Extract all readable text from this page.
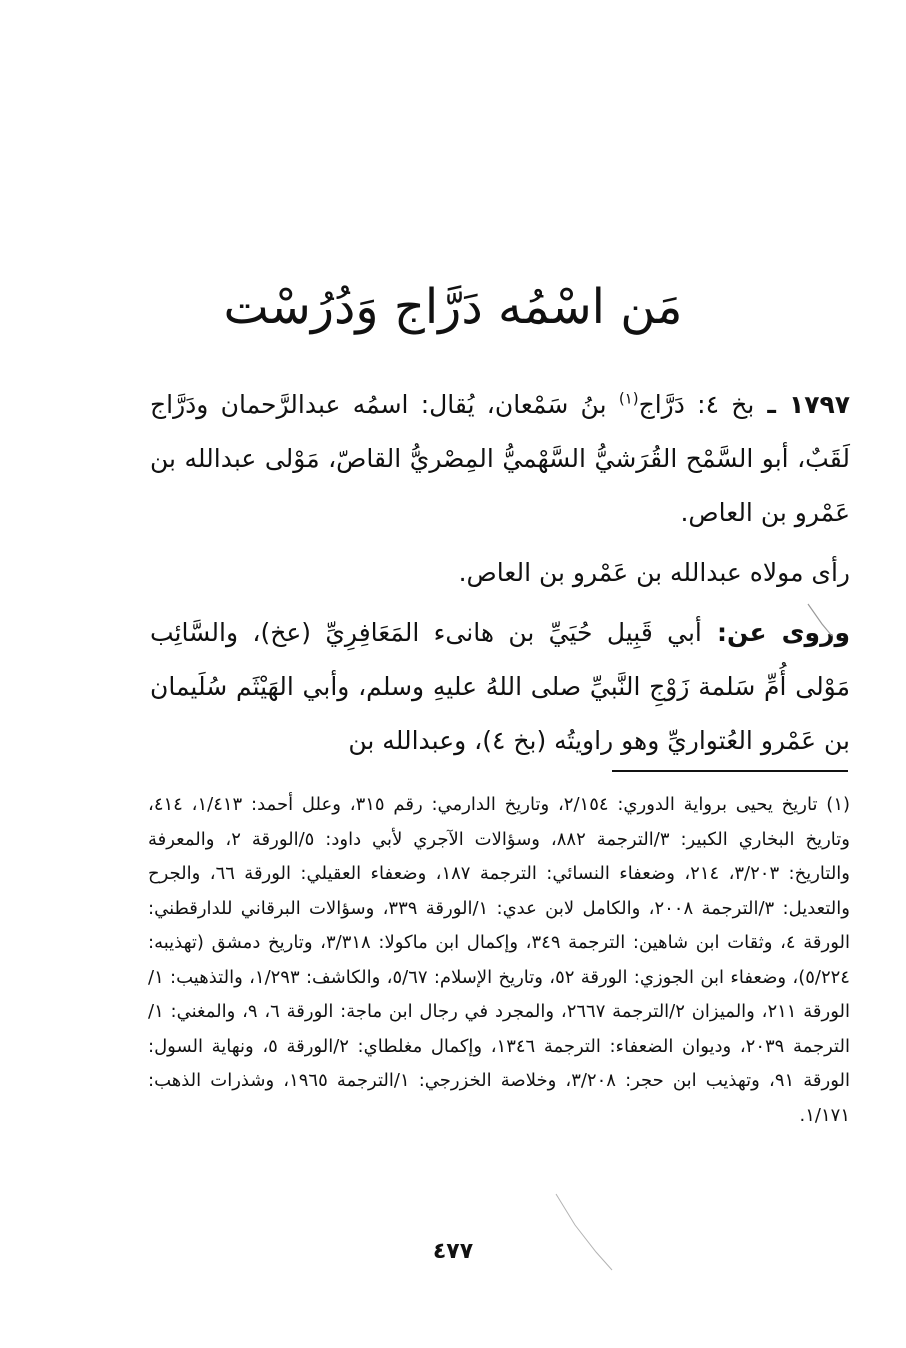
مَن اسْمُه دَرَّاج وَدُرُسْت

١٧٩٧ ـ بخ ٤: دَرَّاج$^{(١)}$ بنُ سَمْعان، يُقال: اسمُه عبدالرَّحمان ودَرَّاج لَقَبٌ، أبو السَّمْح القُرَشيُّ السَّهْميُّ المِصْريُّ القاصّ، مَوْلى عبدالله بن عَمْرو بن العاص.

رأى مولاه عبدالله بن عَمْرو بن العاص.

وروى عن: أبي قَبِيل حُيَيِّ بن هانىء المَعَافِرِيِّ (عخ)، والسَّائِب مَوْلى أُمِّ سَلمة زَوْجِ النَّبيِّ صلى اللهُ عليهِ وسلم، وأبي الهَيْثَم سُلَيمان بن عَمْرو العُتواريِّ وهو راويتُه (بخ ٤)، وعبدالله بن

(١) تاريخ يحيى برواية الدوري: ٢/١٥٤، وتاريخ الدارمي: رقم ٣١٥، وعلل أحمد: ١/٤١٣، ٤١٤، وتاريخ البخاري الكبير: ٣/الترجمة ٨٨٢، وسؤالات الآجري لأبي داود: ٥/الورقة ٢، والمعرفة والتاريخ: ٣/٢٠٣، ٢١٤، وضعفاء النسائي: الترجمة ١٨٧، وضعفاء العقيلي: الورقة ٦٦، والجرح والتعديل: ٣/الترجمة ٢٠٠٨، والكامل لابن عدي: ١/الورقة ٣٣٩، وسؤالات البرقاني للدارقطني: الورقة ٤، وثقات ابن شاهين: الترجمة ٣٤٩، وإكمال ابن ماكولا: ٣/٣١٨، وتاريخ دمشق (تهذيبه: ٥/٢٢٤)، وضعفاء ابن الجوزي: الورقة ٥٢، وتاريخ الإسلام: ٥/٦٧، والكاشف: ١/٢٩٣، والتذهيب: ١/الورقة ٢١١، والميزان ٢/الترجمة ٢٦٦٧، والمجرد في رجال ابن ماجة: الورقة ٦، ٩، والمغني: ١/الترجمة ٢٠٣٩، وديوان الضعفاء: الترجمة ١٣٤٦، وإكمال مغلطاي: ٢/الورقة ٥، ونهاية السول: الورقة ٩١، وتهذيب ابن حجر: ٣/٢٠٨، وخلاصة الخزرجي: ١/الترجمة ١٩٦٥، وشذرات الذهب: ١/١٧١.

٤٧٧
